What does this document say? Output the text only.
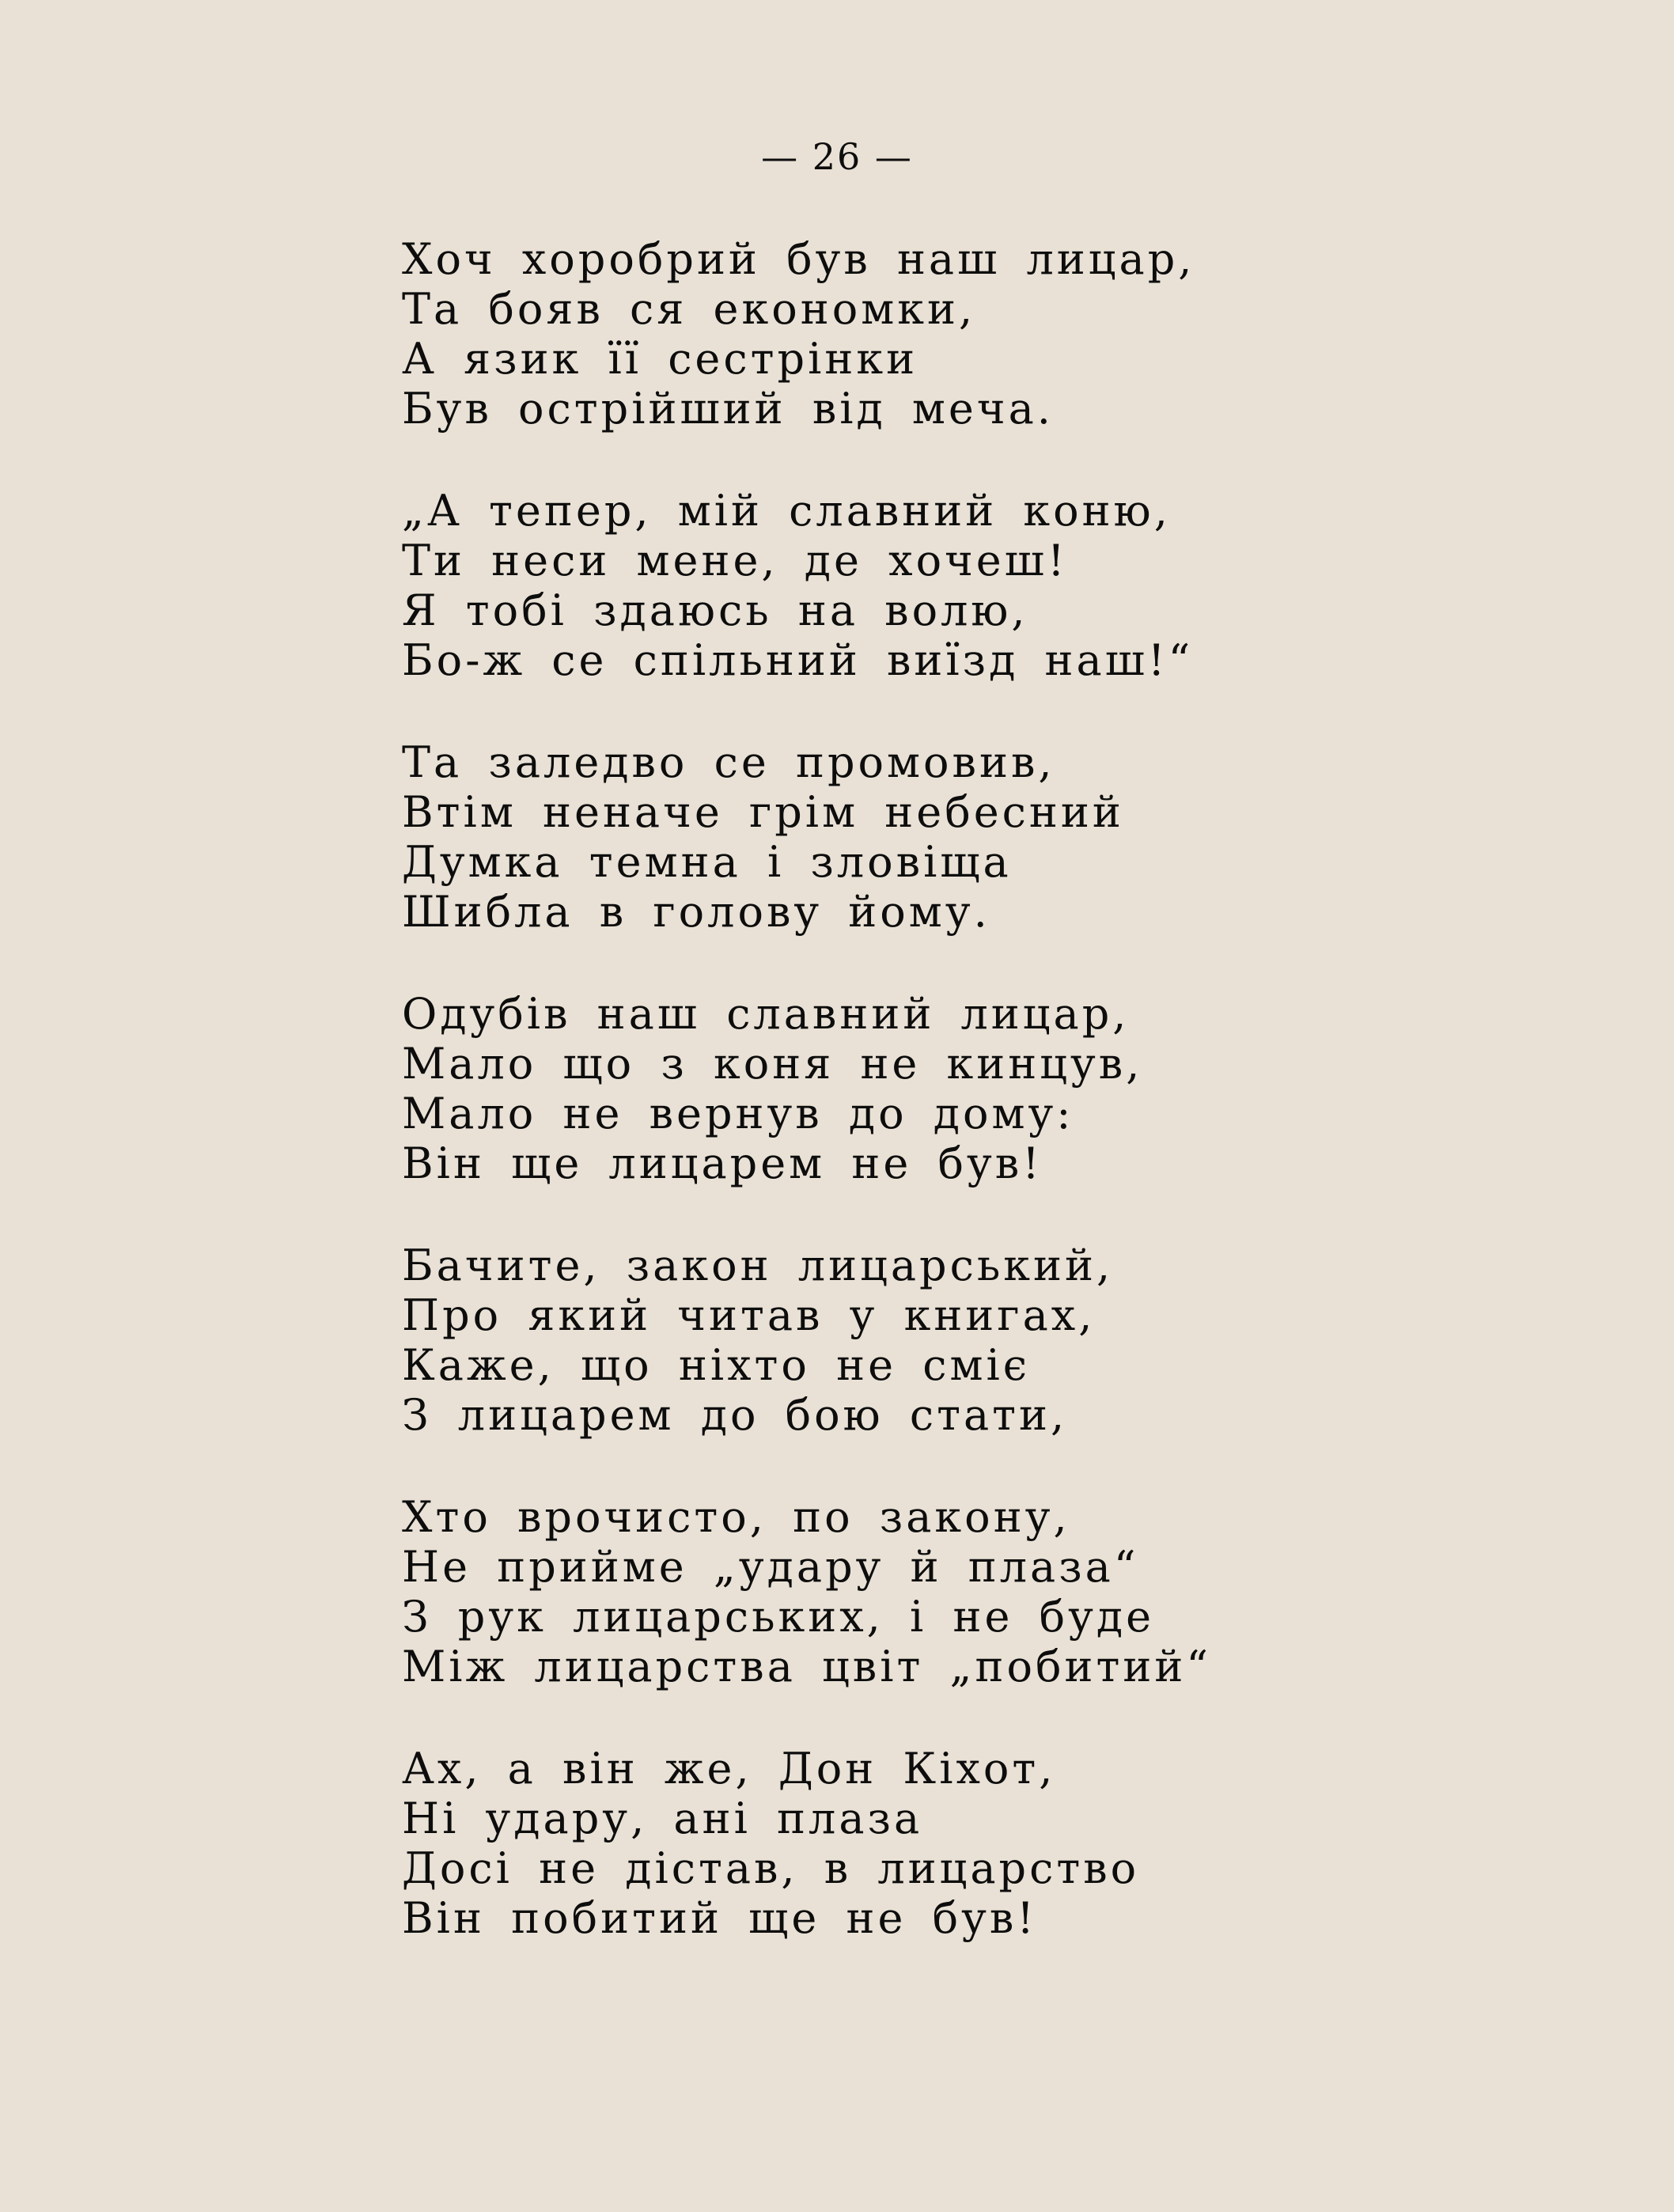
— 26 —
Хоч хоробрий був наш лицар,
Та бояв ся економки,
А язик її сестрінки
Був острійший від меча.
„А тепер, мій славний коню,
Ти неси мене, де хочеш!
Я тобі здаюсь на волю,
Бо-ж се спільний виїзд наш!“
Та заледво се промовив,
Втім неначе грім небесний
Думка темна і зловіща
Шибла в голову йому.
Одубів наш славний лицар,
Мало що з коня не кинцув,
Мало не вернув до дому:
Він ще лицарем не був!
Бачите, закон лицарський,
Про який читав у книгах,
Каже, що ніхто не сміє
З лицарем до бою стати,
Хто врочисто, по закону,
Не прийме „удару й плаза“
З рук лицарських, і не буде
Між лицарства цвіт „побитий“
Ах, а він же, Дон Кіхот,
Ні удару, ані плаза
Досі не дістав, в лицарство
Він побитий ще не був!
